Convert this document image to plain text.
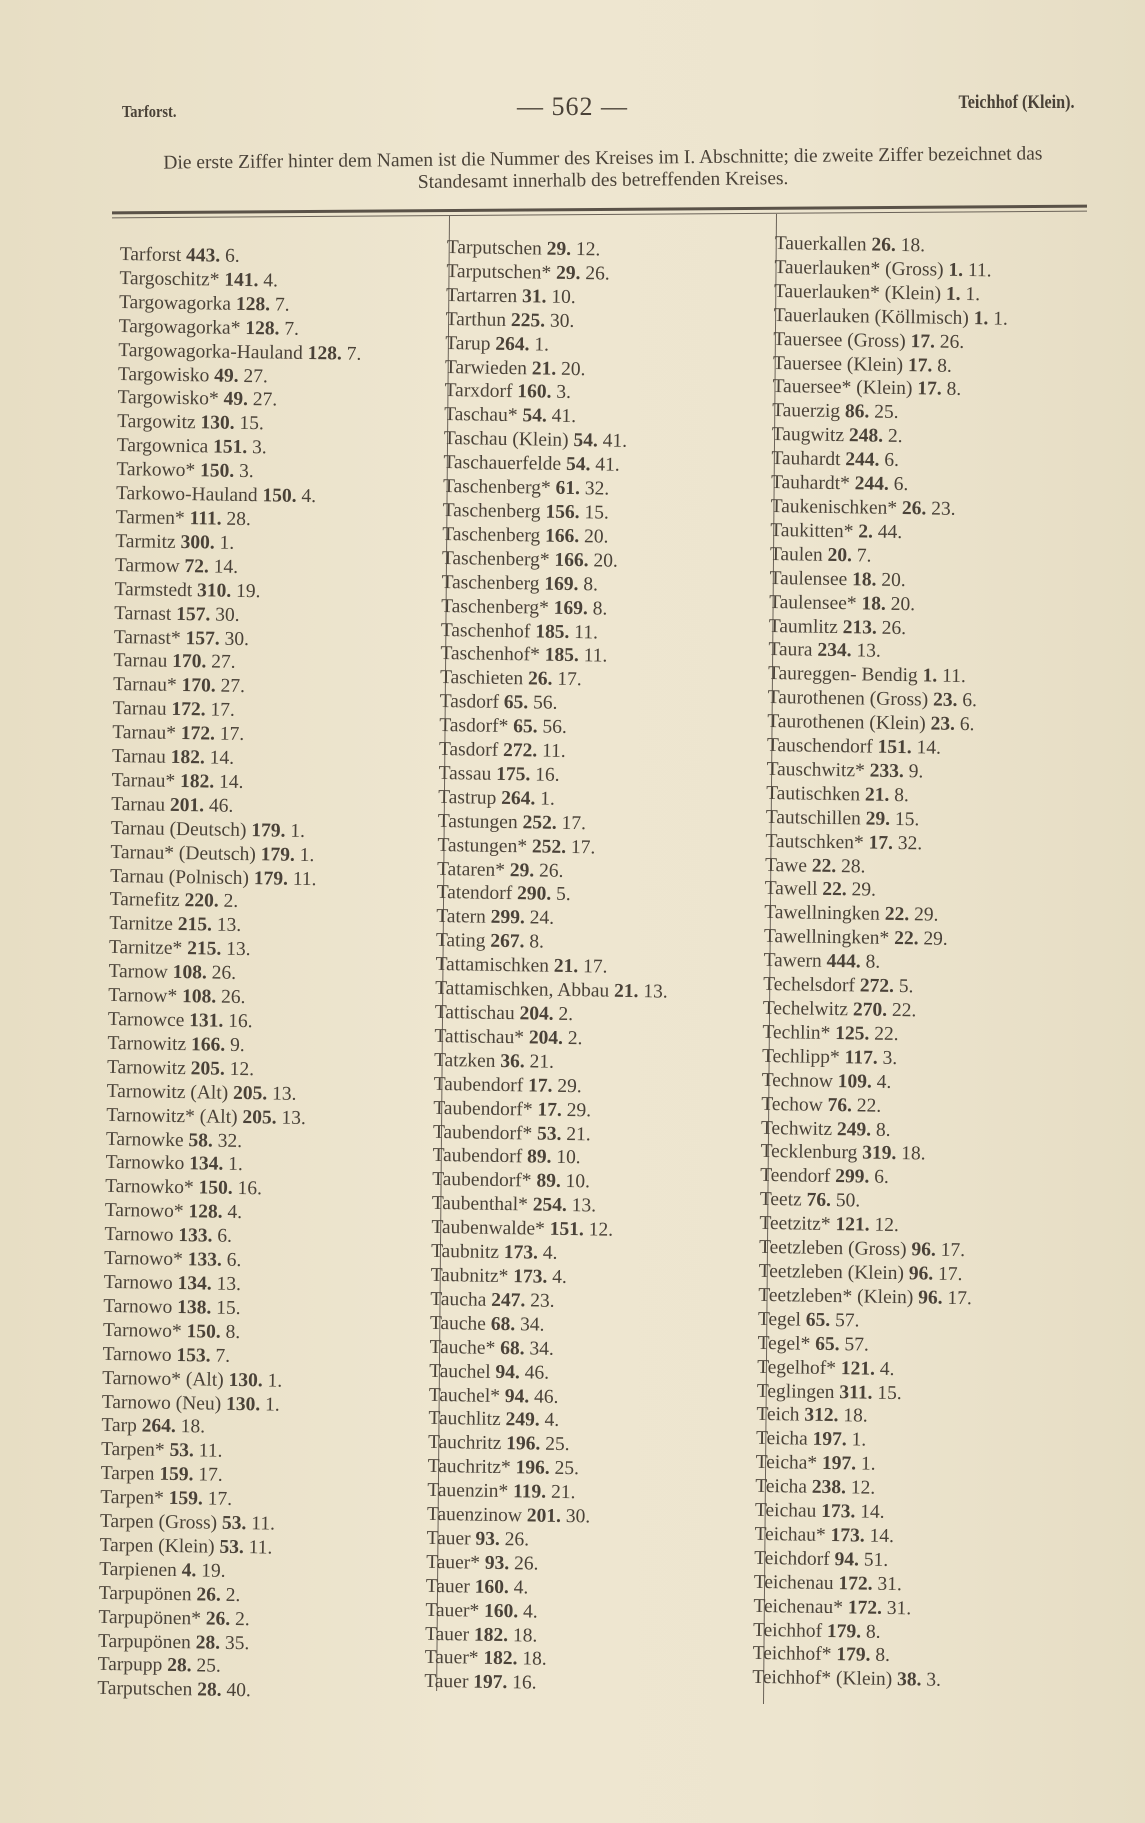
Tarforst.	— 562 —	Teichhof (Klein).
Die erste Ziffer hinter dem Namen ist die Nummer des Kreises im I. Abschnitte; die zweite Ziffer bezeichnet das Standesamt innerhalb des betreffenden Kreises.
Tarforst 443. 6.
Targoschitz* 141. 4.
Targowagorka 128. 7.
Targowagorka* 128. 7.
Targowagorka-Hauland 128. 7.
Targowisko 49. 27.
Targowisko* 49. 27.
Targowitz 130. 15.
Targownica 151. 3.
Tarkowo* 150. 3.
Tarkowo-Hauland 150. 4.
Tarmen* 111. 28.
Tarmitz 300. 1.
Tarmow 72. 14.
Tarmstedt 310. 19.
Tarnast 157. 30.
Tarnast* 157. 30.
Tarnau 170. 27.
Tarnau* 170. 27.
Tarnau 172. 17.
Tarnau* 172. 17.
Tarnau 182. 14.
Tarnau* 182. 14.
Tarnau 201. 46.
Tarnau (Deutsch) 179. 1.
Tarnau* (Deutsch) 179. 1.
Tarnau (Polnisch) 179. 11.
Tarnefitz 220. 2.
Tarnitze 215. 13.
Tarnitze* 215. 13.
Tarnow 108. 26.
Tarnow* 108. 26.
Tarnowce 131. 16.
Tarnowitz 166. 9.
Tarnowitz 205. 12.
Tarnowitz (Alt) 205. 13.
Tarnowitz* (Alt) 205. 13.
Tarnowke 58. 32.
Tarnowko 134. 1.
Tarnowko* 150. 16.
Tarnowo* 128. 4.
Tarnowo 133. 6.
Tarnowo* 133. 6.
Tarnowo 134. 13.
Tarnowo 138. 15.
Tarnowo* 150. 8.
Tarnowo 153. 7.
Tarnowo* (Alt) 130. 1.
Tarnowo (Neu) 130. 1.
Tarp 264. 18.
Tarpen* 53. 11.
Tarpen 159. 17.
Tarpen* 159. 17.
Tarpen (Gross) 53. 11.
Tarpen (Klein) 53. 11.
Tarpienen 4. 19.
Tarpupönen 26. 2.
Tarpupönen* 26. 2.
Tarpupönen 28. 35.
Tarpupp 28. 25.
Tarputschen 28. 40.
Tarputschen 29. 12.
Tarputschen* 29. 26.
Tartarren 31. 10.
Tarthun 225. 30.
Tarup 264. 1.
Tarwieden 21. 20.
Tarxdorf 160. 3.
Taschau* 54. 41.
Taschau (Klein) 54. 41.
Taschauerfelde 54. 41.
Taschenberg* 61. 32.
Taschenberg 156. 15.
Taschenberg 166. 20.
Taschenberg* 166. 20.
Taschenberg 169. 8.
Taschenberg* 169. 8.
Taschenhof 185. 11.
Taschenhof* 185. 11.
Taschieten 26. 17.
Tasdorf 65. 56.
Tasdorf* 65. 56.
Tasdorf 272. 11.
Tassau 175. 16.
Tastrup 264. 1.
Tastungen 252. 17.
Tastungen* 252. 17.
Tataren* 29. 26.
Tatendorf 290. 5.
Tatern 299. 24.
Tating 267. 8.
Tattamischken 21. 17.
Tattamischken, Abbau 21. 13.
Tattischau 204. 2.
Tattischau* 204. 2.
Tatzken 36. 21.
Taubendorf 17. 29.
Taubendorf* 17. 29.
Taubendorf* 53. 21.
Taubendorf 89. 10.
Taubendorf* 89. 10.
Taubenthal* 254. 13.
Taubenwalde* 151. 12.
Taubnitz 173. 4.
Taubnitz* 173. 4.
Taucha 247. 23.
Tauche 68. 34.
Tauche* 68. 34.
Tauchel 94. 46.
Tauchel* 94. 46.
Tauchlitz 249. 4.
Tauchritz 196. 25.
Tauchritz* 196. 25.
Tauenzin* 119. 21.
Tauenzinow 201. 30.
Tauer 93. 26.
Tauer* 93. 26.
Tauer 160. 4.
Tauer* 160. 4.
Tauer 182. 18.
Tauer* 182. 18.
Tauer 197. 16.
Tauerkallen 26. 18.
Tauerlauken* (Gross) 1. 11.
Tauerlauken* (Klein) 1. 1.
Tauerlauken (Köllmisch) 1. 1.
Tauersee (Gross) 17. 26.
Tauersee (Klein) 17. 8.
Tauersee* (Klein) 17. 8.
Tauerzig 86. 25.
Taugwitz 248. 2.
Tauhardt 244. 6.
Tauhardt* 244. 6.
Taukenischken* 26. 23.
Taukitten* 2. 44.
Taulen 20. 7.
Taulensee 18. 20.
Taulensee* 18. 20.
Taumlitz 213. 26.
Taura 234. 13.
Taureggen- Bendig 1. 11.
Taurothenen (Gross) 23. 6.
Taurothenen (Klein) 23. 6.
Tauschendorf 151. 14.
Tauschwitz* 233. 9.
Tautischken 21. 8.
Tautschillen 29. 15.
Tautschken* 17. 32.
Tawe 22. 28.
Tawell 22. 29.
Tawellningken 22. 29.
Tawellningken* 22. 29.
Tawern 444. 8.
Techelsdorf 272. 5.
Techelwitz 270. 22.
Techlin* 125. 22.
Techlipp* 117. 3.
Technow 109. 4.
Techow 76. 22.
Techwitz 249. 8.
Tecklenburg 319. 18.
Teendorf 299. 6.
Teetz 76. 50.
Teetzitz* 121. 12.
Teetzleben (Gross) 96. 17.
Teetzleben (Klein) 96. 17.
Teetzleben* (Klein) 96. 17.
Tegel 65. 57.
Tegel* 65. 57.
Tegelhof* 121. 4.
Teglingen 311. 15.
Teich 312. 18.
Teicha 197. 1.
Teicha* 197. 1.
Teicha 238. 12.
Teichau 173. 14.
Teichau* 173. 14.
Teichdorf 94. 51.
Teichenau 172. 31.
Teichenau* 172. 31.
Teichhof 179. 8.
Teichhof* 179. 8.
Teichhof* (Klein) 38. 3.
